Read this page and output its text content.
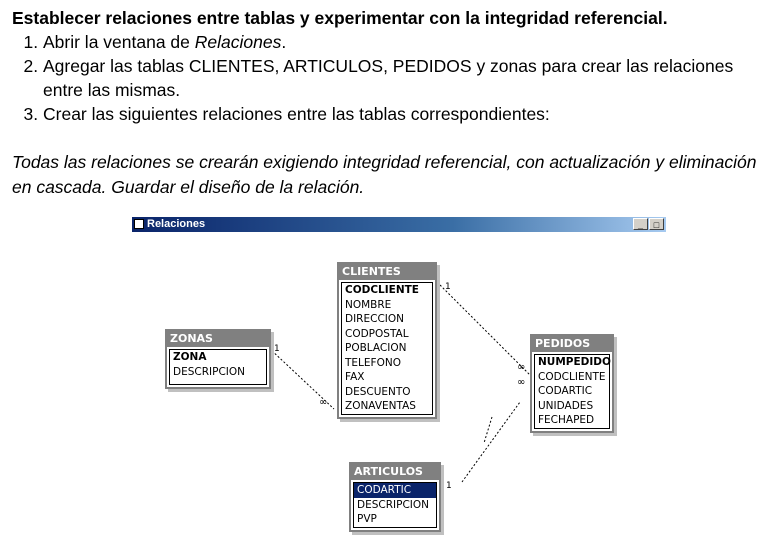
Establecer relaciones entre tablas y experimentar con la integridad referencial.
1. Abrir la ventana de Relaciones.
2. Agregar las tablas CLIENTES, ARTICULOS, PEDIDOS y zonas para crear las relaciones entre las mismas.
3. Crear las siguientes relaciones entre las tablas correspondientes:
Todas las relaciones se crearán exigiendo integridad referencial, con actualización y eliminación en cascada. Guardar el diseño de la relación.
Relaciones	_ □
1
1
∞
∞
∞
1
CLIENTES
CODCLIENTE
NOMBRE
DIRECCION
CODPOSTAL
POBLACION
TELEFONO
FAX
DESCUENTO
ZONAVENTAS
ZONAS
ZONA
DESCRIPCION
PEDIDOS
NUMPEDIDO
CODCLIENTE
CODARTIC
UNIDADES
FECHAPED
ARTICULOS
CODARTIC
DESCRIPCION
PVP
